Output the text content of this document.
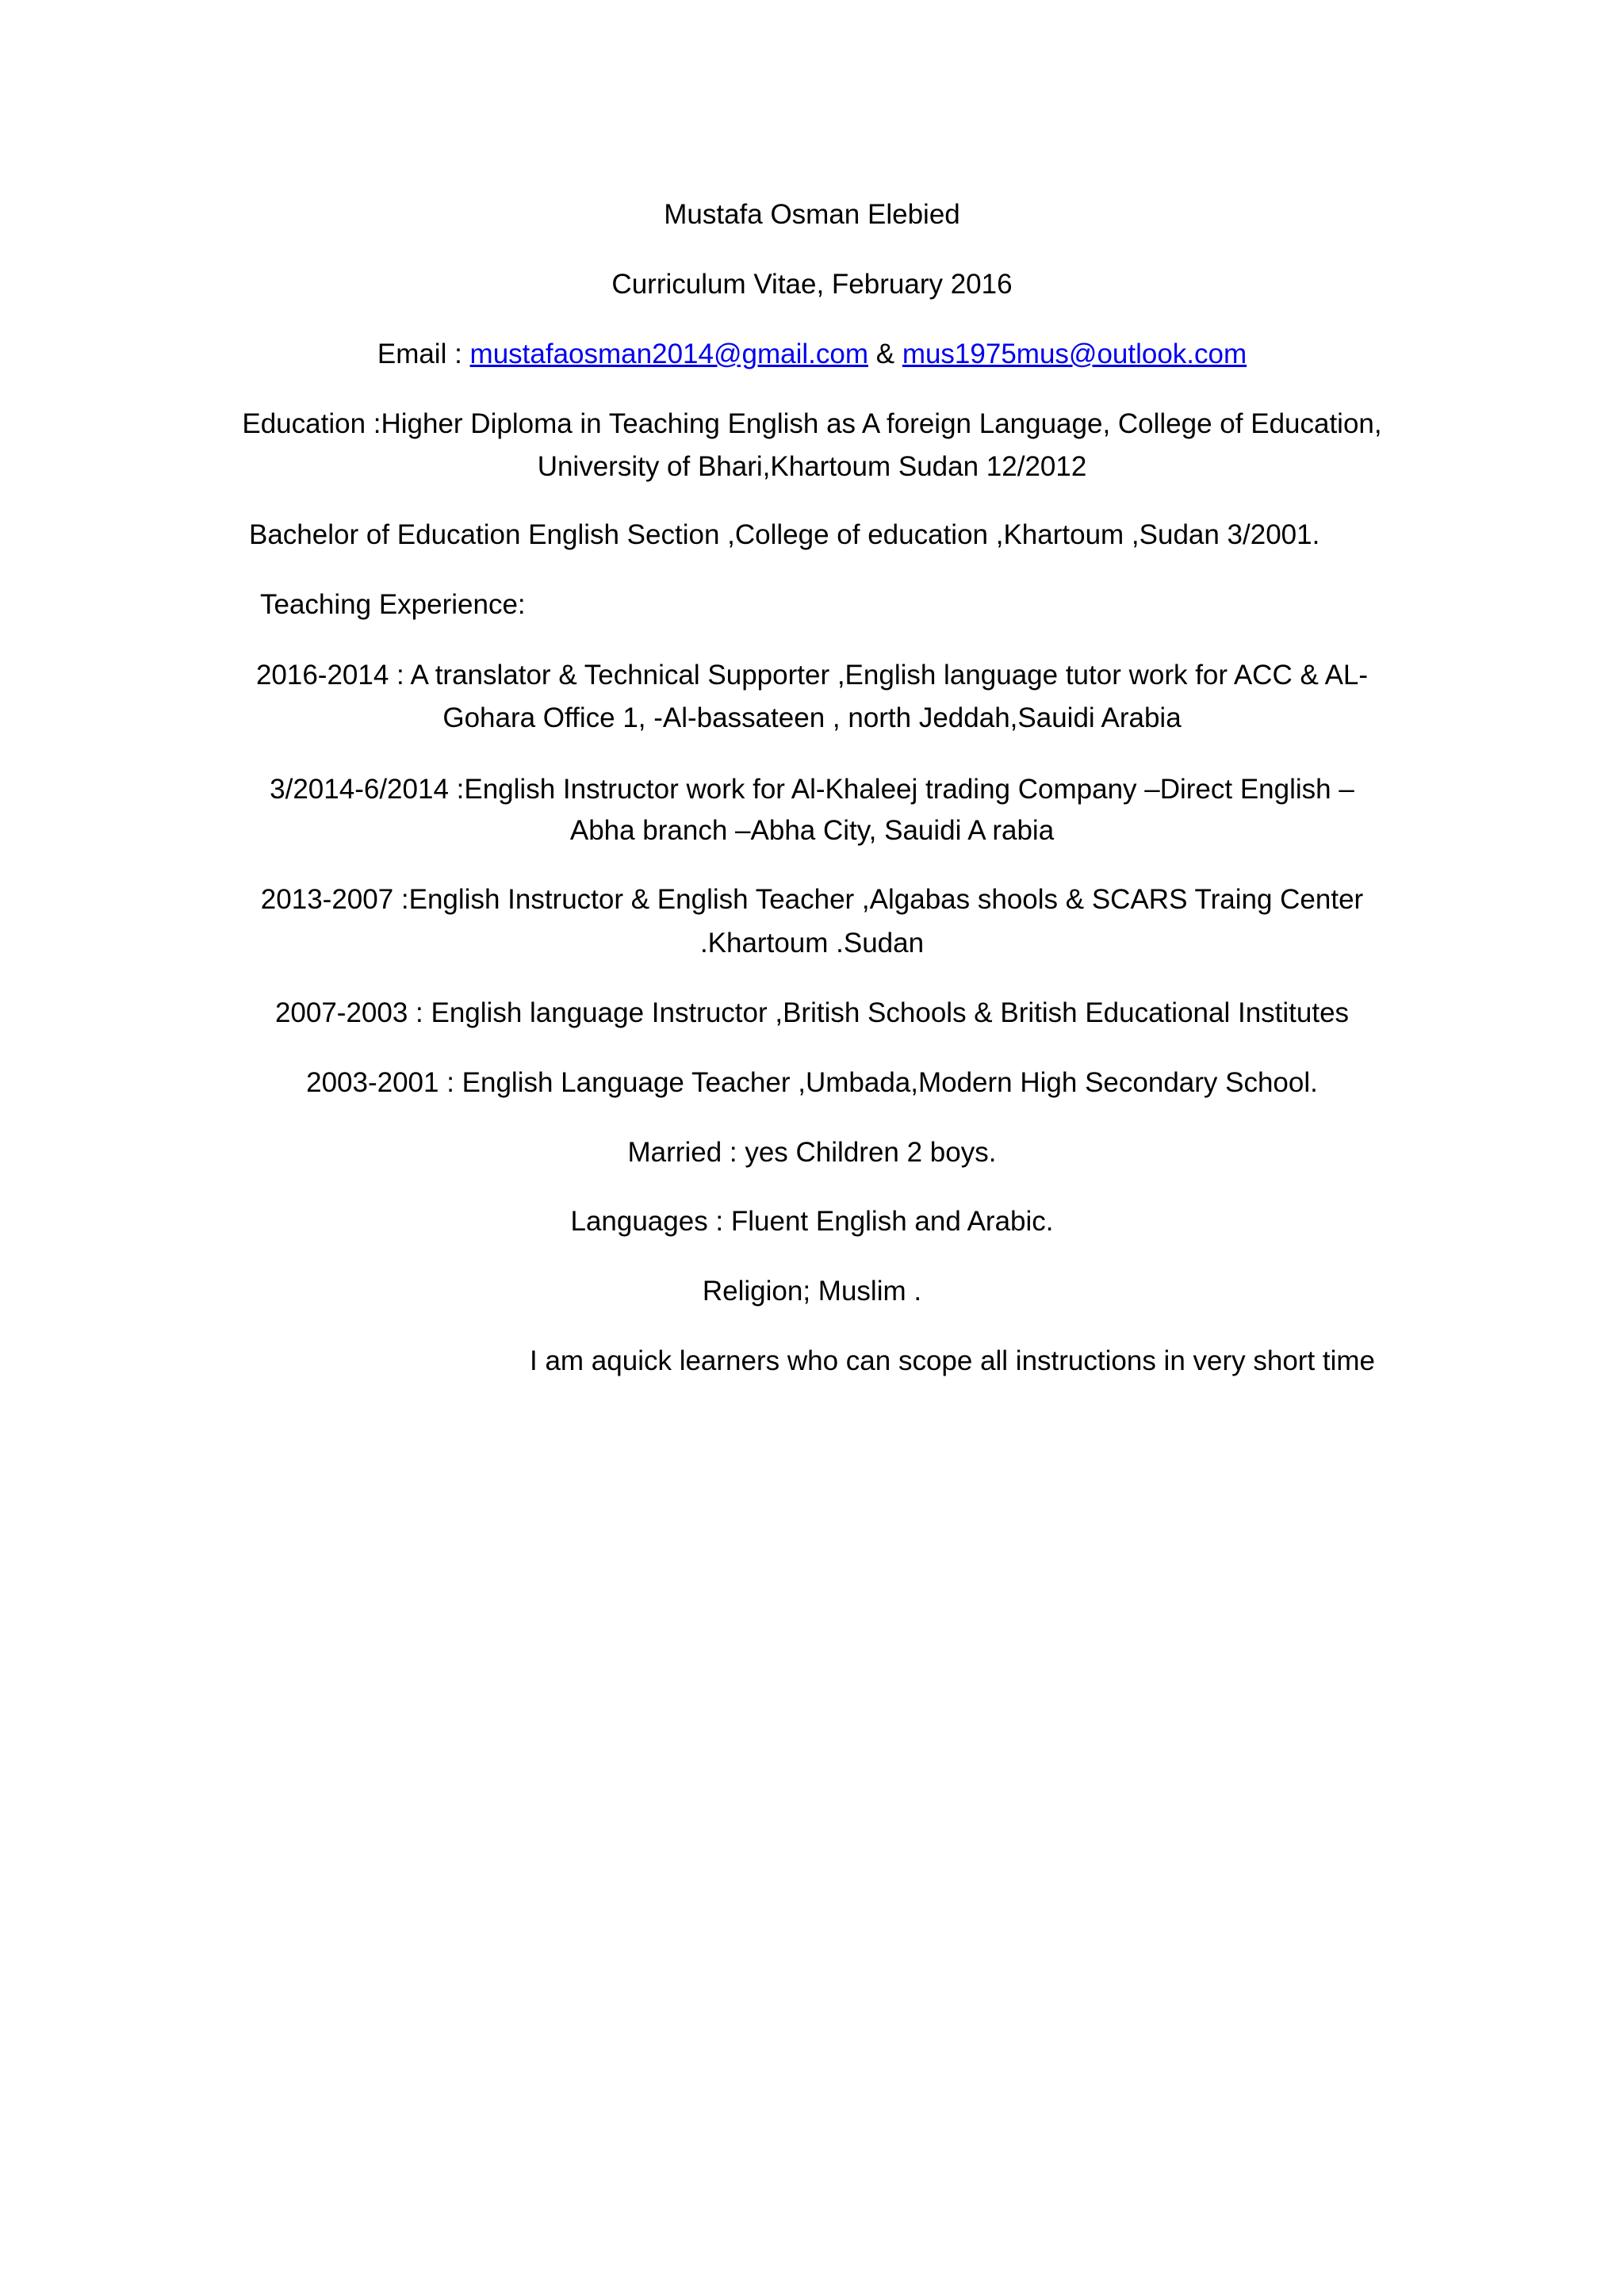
Mustafa Osman Elebied
Curriculum Vitae, February 2016
Email : mustafaosman2014@gmail.com & mus1975mus@outlook.com
Education :Higher Diploma in Teaching English as A foreign Language, College of Education,
University of Bhari,Khartoum Sudan 12/2012
Bachelor of Education English Section ,College of education ,Khartoum ,Sudan 3/2001.
Teaching Experience:
2016-2014 : A translator & Technical Supporter ,English language tutor work for ACC & AL-
Gohara Office 1, -Al-bassateen , north Jeddah,Sauidi Arabia
3/2014-6/2014 :English Instructor work for Al-Khaleej trading Company –Direct English –
Abha branch –Abha City, Sauidi A rabia
2013-2007 :English Instructor & English Teacher ,Algabas shools & SCARS Traing Center
.Khartoum .Sudan
2007-2003 : English language Instructor ,British Schools & British Educational Institutes
2003-2001 : English Language Teacher ,Umbada,Modern High Secondary School.
Married : yes Children 2 boys.
Languages : Fluent English and Arabic.
Religion; Muslim .
I am aquick learners who can scope all instructions in very short time
